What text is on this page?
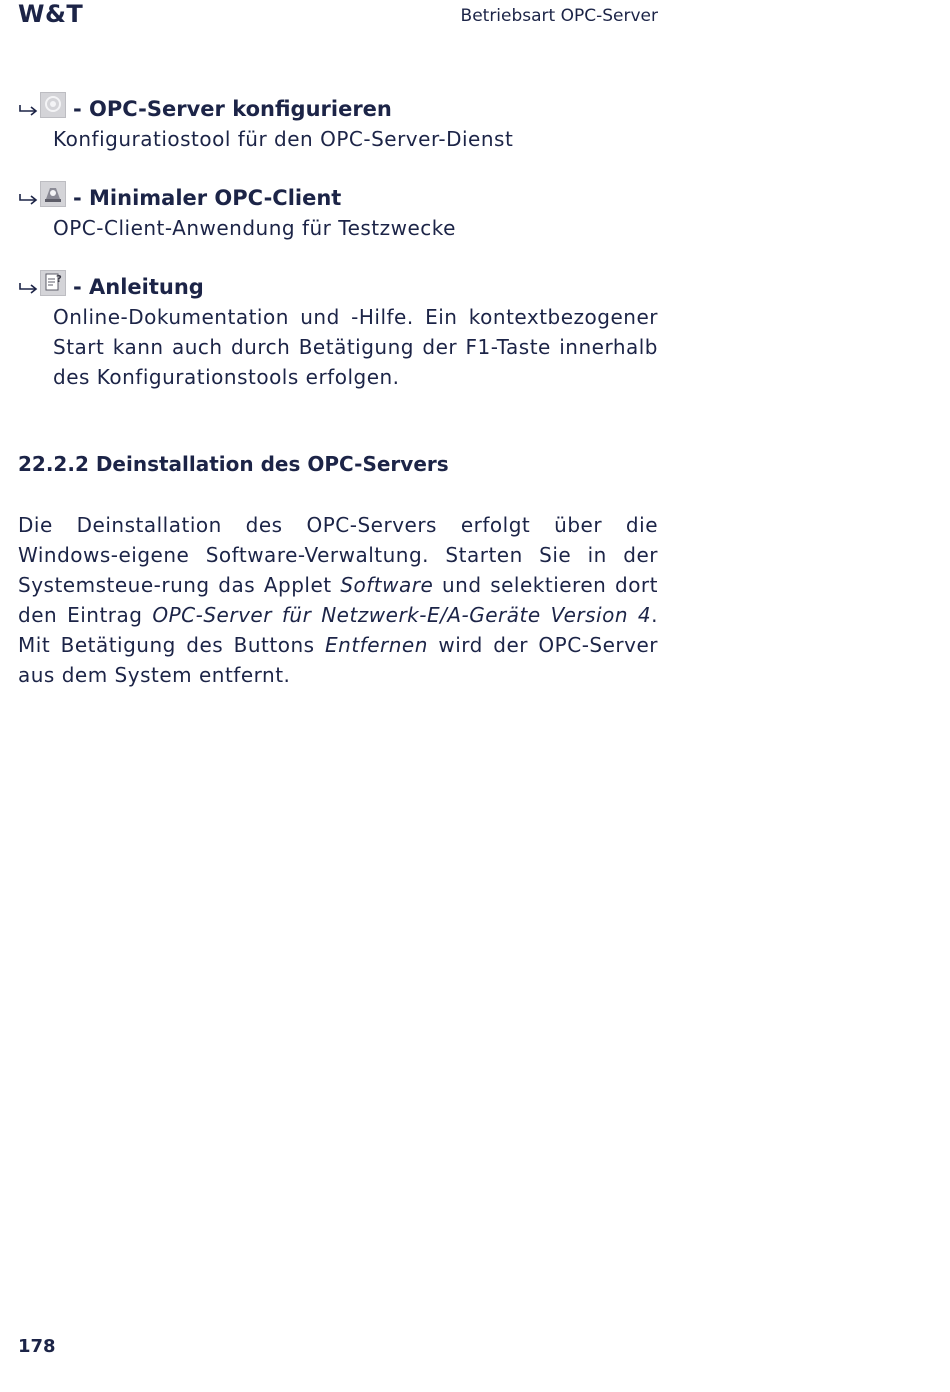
W&T	Betriebsart OPC-Server
- OPC-Server konfigurieren
Konfiguratiostool für den OPC-Server-Dienst
- Minimaler OPC-Client
OPC-Client-Anwendung für Testzwecke
? - Anleitung
Online-Dokumentation und -Hilfe. Ein kontextbezogener Start kann auch durch Betätigung der F1-Taste innerhalb des Konfigurationstools erfolgen.
22.2.2 Deinstallation des OPC-Servers
Die Deinstallation des OPC-Servers erfolgt über die Windows-eigene Software-Verwaltung. Starten Sie in der Systemsteue-rung das Applet Software und selektieren dort den Eintrag OPC-Server für Netzwerk-E/A-Geräte Version 4. Mit Betätigung des Buttons Entfernen wird der OPC-Server aus dem System entfernt.
178
